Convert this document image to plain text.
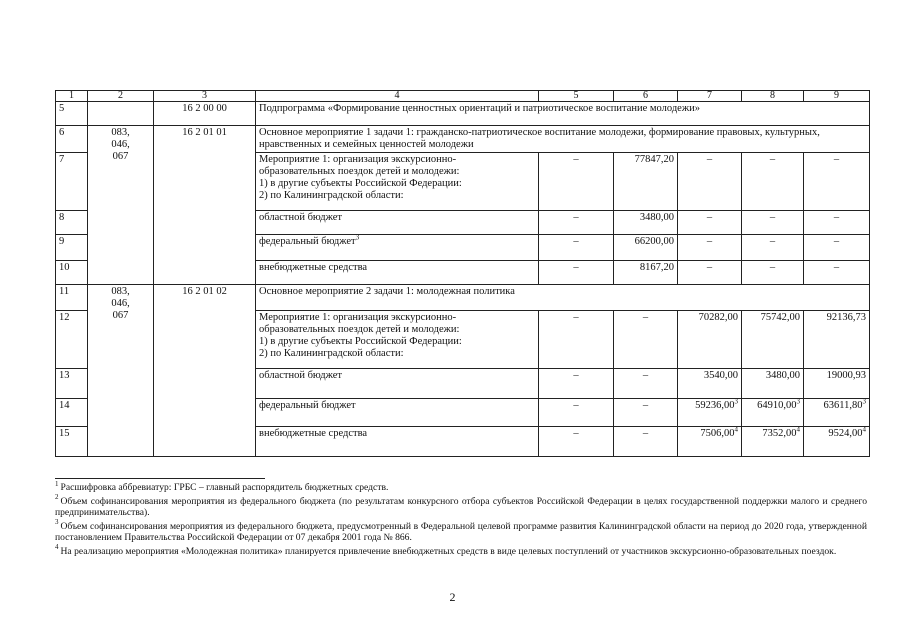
1	2	3	4	5	6	7	8	9
5		16 2 00 00	Подпрограмма «Формирование ценностных ориентаций и патриотическое воспитание молодежи»					
6	083,
046,
067	16 2 01 01	Основное мероприятие 1 задачи 1: гражданско-патриотическое воспитание молодежи, формирование правовых, культурных, нравственных и семейных ценностей молодежи					
7			Мероприятие 1: организация экскурсионно-
образовательных поездок детей и молодежи:
1) в другие субъекты Российской Федерации:
2) по Калининградской области:	–	77847,20	–	–	–
8			областной бюджет	–	3480,00	–	–	–
9			федеральный бюджет$^3$	–	66200,00	–	–	–
10			внебюджетные средства	–	8167,20	–	–	–
11	083,
046,
067	16 2 01 02	Основное мероприятие 2 задачи 1: молодежная политика					
12			Мероприятие 1: организация экскурсионно-
образовательных поездок детей и молодежи:
1) в другие субъекты Российской Федерации:
2) по Калининградской области:	–	–	70282,00	75742,00	92136,73
13			областной бюджет	–	–	3540,00	3480,00	19000,93
14			федеральный бюджет	–	–	59236,00$^3$	64910,00$^3$	63611,80$^3$
15			внебюджетные средства	–	–	7506,00$^4$	7352,00$^4$	9524,00$^4$
$^1$ Расшифровка аббревиатур: ГРБС – главный распорядитель бюджетных средств.
$^2$ Объем софинансирования мероприятия из федерального бюджета (по результатам конкурсного отбора субъектов Российской Федерации в целях государственной поддержки малого и среднего предпринимательства).
$^3$ Объем софинансирования мероприятия из федерального бюджета, предусмотренный в Федеральной целевой программе развития Калининградской области на период до 2020 года, утвержденной постановлением Правительства Российской Федерации от 07 декабря 2001 года № 866.
$^4$ На реализацию мероприятия «Молодежная политика» планируется привлечение внебюджетных средств в виде целевых поступлений от участников экскурсионно-образовательных поездок.
2
